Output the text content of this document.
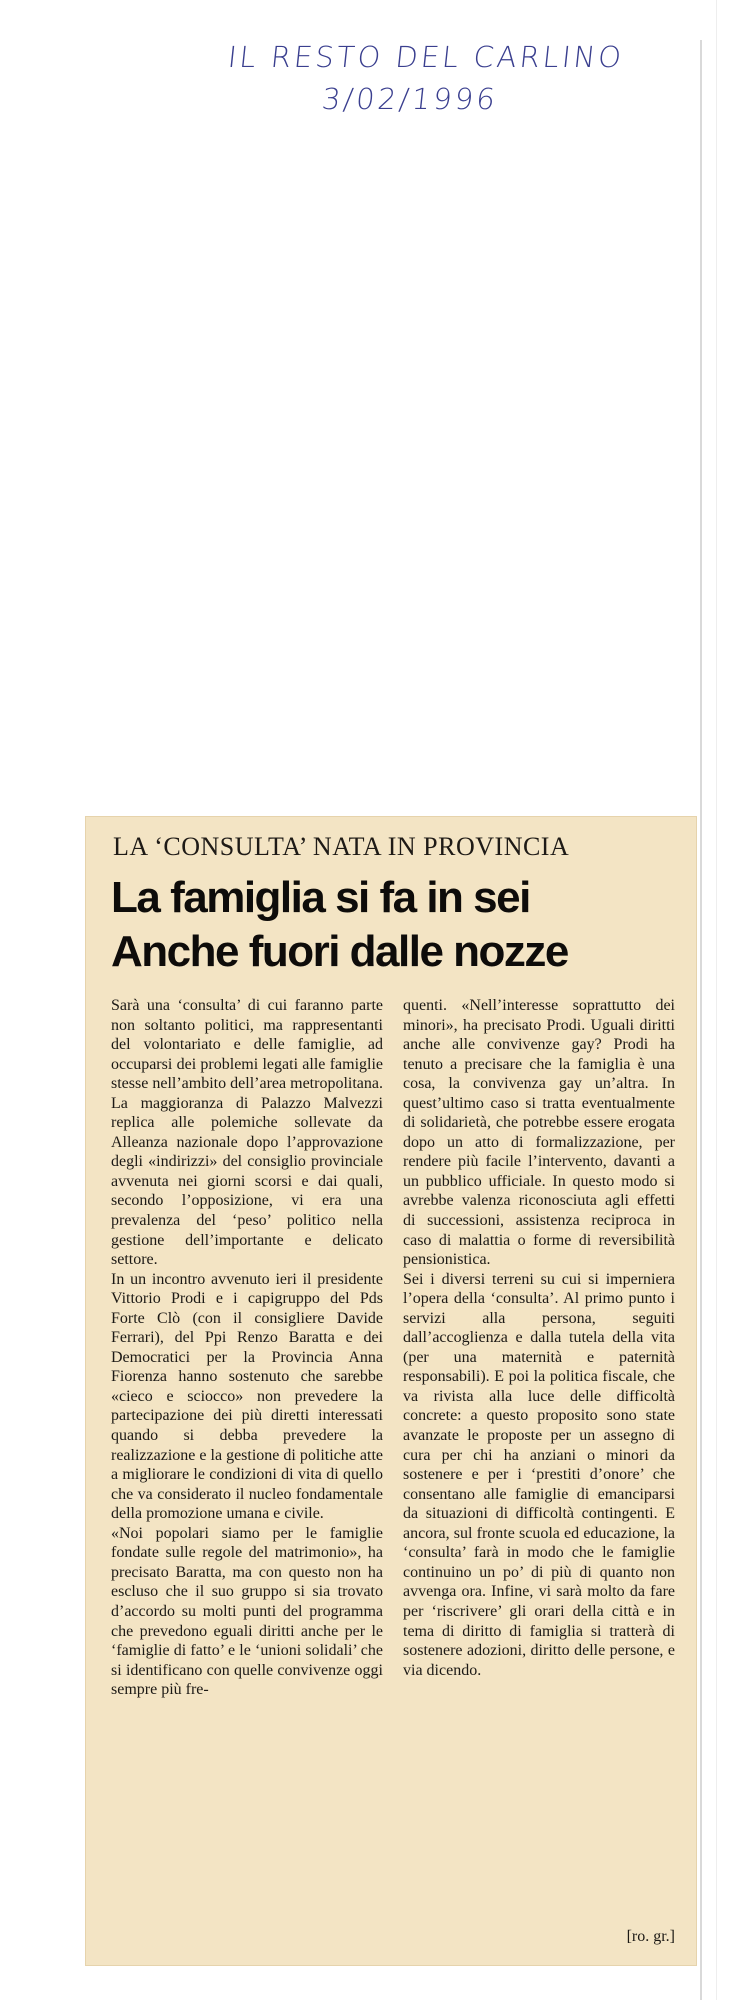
IL RESTO DEL CARLINO
3/02/1996
LA ‘CONSULTA’ NATA IN PROVINCIA
La famiglia si fa in sei
Anche fuori dalle nozze

Sarà una ‘consulta’ di cui faranno parte non soltanto politici, ma rappresentanti del volontariato e delle famiglie, ad occuparsi dei problemi legati alle famiglie stesse nell’ambito dell’area metropolitana. La maggioranza di Palazzo Malvezzi replica alle polemiche sollevate da Alleanza nazionale dopo l’approvazione degli «indirizzi» del consiglio provinciale avvenuta nei giorni scorsi e dai quali, secondo l’opposizione, vi era una prevalenza del ‘peso’ politico nella gestione dell’importante e delicato settore.

In un incontro avvenuto ieri il presidente Vittorio Prodi e i capigruppo del Pds Forte Clò (con il consigliere Davide Ferrari), del Ppi Renzo Baratta e dei Democratici per la Provincia Anna Fiorenza hanno sostenuto che sarebbe «cieco e sciocco» non prevedere la partecipazione dei più diretti interessati quando si debba prevedere la realizzazione e la gestione di politiche atte a migliorare le condizioni di vita di quello che va considerato il nucleo fondamentale della promozione umana e civile.

«Noi popolari siamo per le famiglie fondate sulle regole del matrimonio», ha precisato Baratta, ma con questo non ha escluso che il suo gruppo si sia trovato d’accordo su molti punti del programma che prevedono eguali diritti anche per le ‘famiglie di fatto’ e le ‘unioni solidali’ che si identificano con quelle convivenze oggi sempre più fre-

quenti. «Nell’interesse soprattutto dei minori», ha precisato Prodi. Uguali diritti anche alle convivenze gay? Prodi ha tenuto a precisare che la famiglia è una cosa, la convivenza gay un’altra. In quest’ultimo caso si tratta eventualmente di solidarietà, che potrebbe essere erogata dopo un atto di formalizzazione, per rendere più facile l’intervento, davanti a un pubblico ufficiale. In questo modo si avrebbe valenza riconosciuta agli effetti di successioni, assistenza reciproca in caso di malattia o forme di reversibilità pensionistica.

Sei i diversi terreni su cui si imperniera l’opera della ‘consulta’. Al primo punto i servizi alla persona, seguiti dall’accoglienza e dalla tutela della vita (per una maternità e paternità responsabili). E poi la politica fiscale, che va rivista alla luce delle difficoltà concrete: a questo proposito sono state avanzate le proposte per un assegno di cura per chi ha anziani o minori da sostenere e per i ‘prestiti d’onore’ che consentano alle famiglie di emanciparsi da situazioni di difficoltà contingenti. E ancora, sul fronte scuola ed educazione, la ‘consulta’ farà in modo che le famiglie continuino un po’ di più di quanto non avvenga ora. Infine, vi sarà molto da fare per ‘riscrivere’ gli orari della città e in tema di diritto di famiglia si tratterà di sostenere adozioni, diritto delle persone, e via dicendo.

[ro. gr.]
